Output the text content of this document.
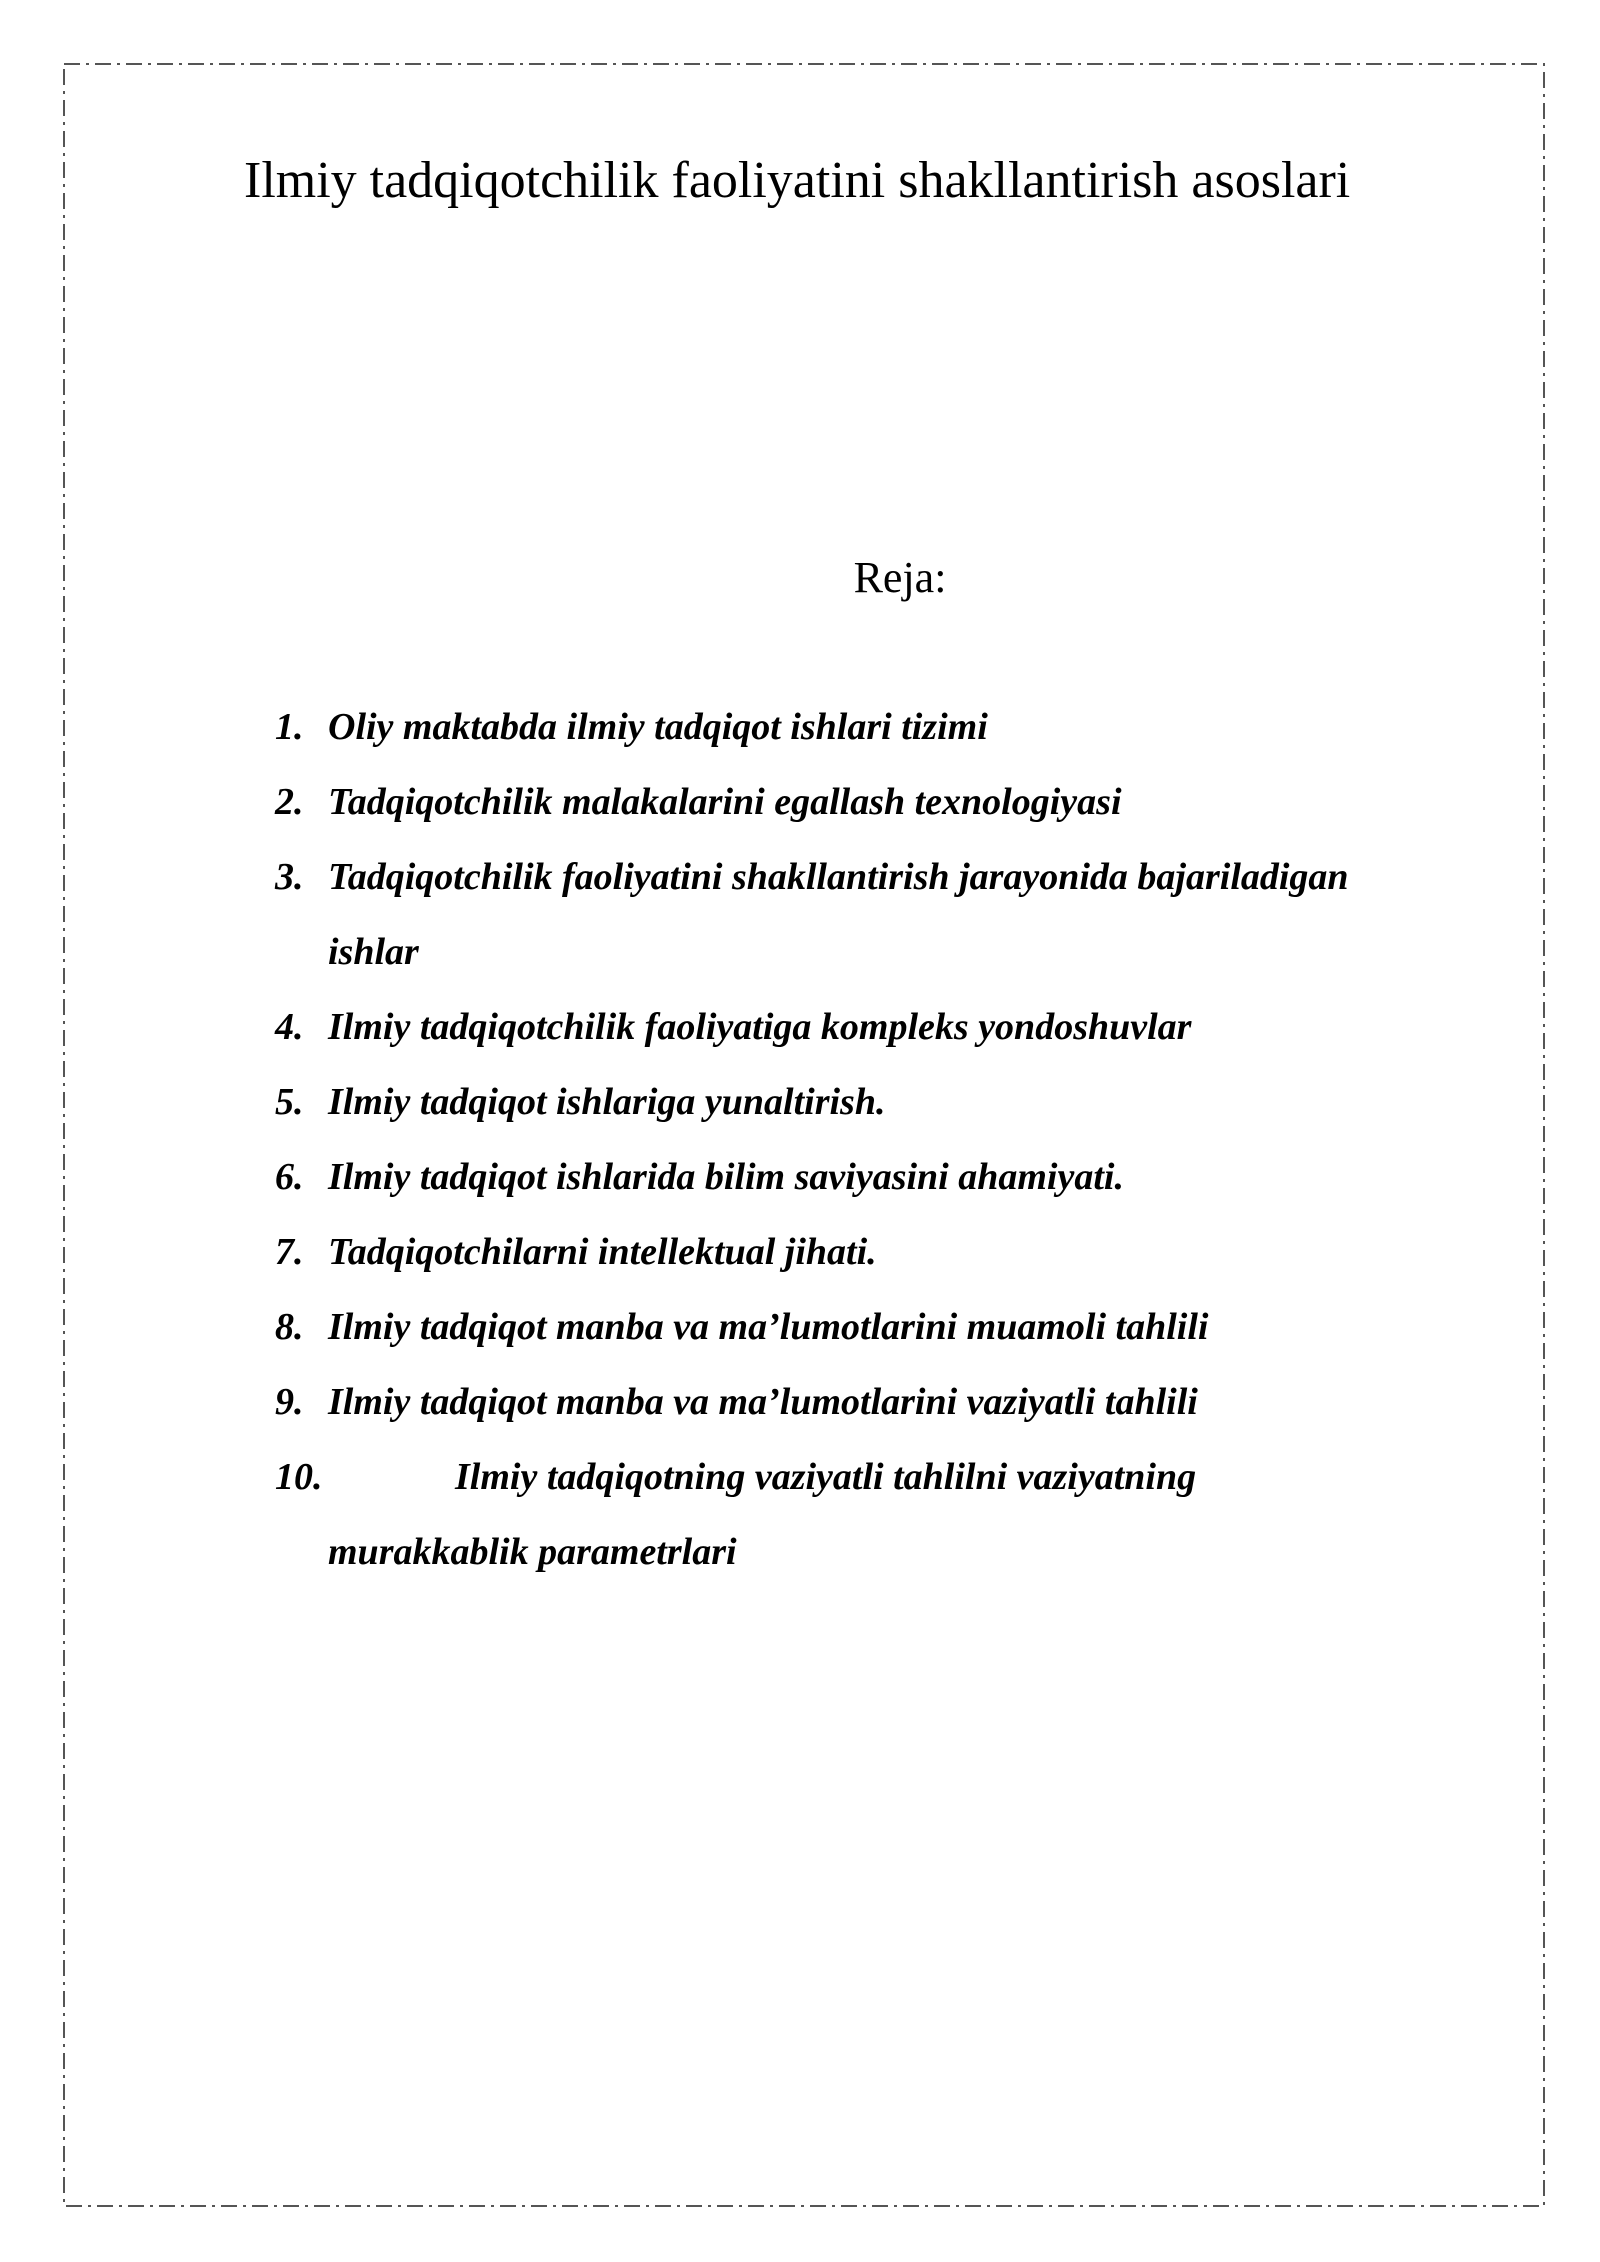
Ilmiy tadqiqotchilik faoliyatini shakllantirish asoslari
Reja:
1. Oliy maktabda ilmiy tadqiqot ishlari tizimi
2. Tadqiqotchilik malakalarini egallash texnologiyasi
3. Tadqiqotchilik faoliyatini shakllantirish jarayonida bajariladigan
ishlar
4. Ilmiy tadqiqotchilik faoliyatiga kompleks yondoshuvlar
5. Ilmiy tadqiqot ishlariga yunaltirish.
6. Ilmiy tadqiqot ishlarida bilim saviyasini ahamiyati.
7. Tadqiqotchilarni intellektual jihati.
8. Ilmiy tadqiqot manba va ma’lumotlarini muamoli tahlili
9. Ilmiy tadqiqot manba va ma’lumotlarini vaziyatli tahlili
10.	Ilmiy tadqiqotning vaziyatli tahlilni vaziyatning
murakkablik parametrlari
